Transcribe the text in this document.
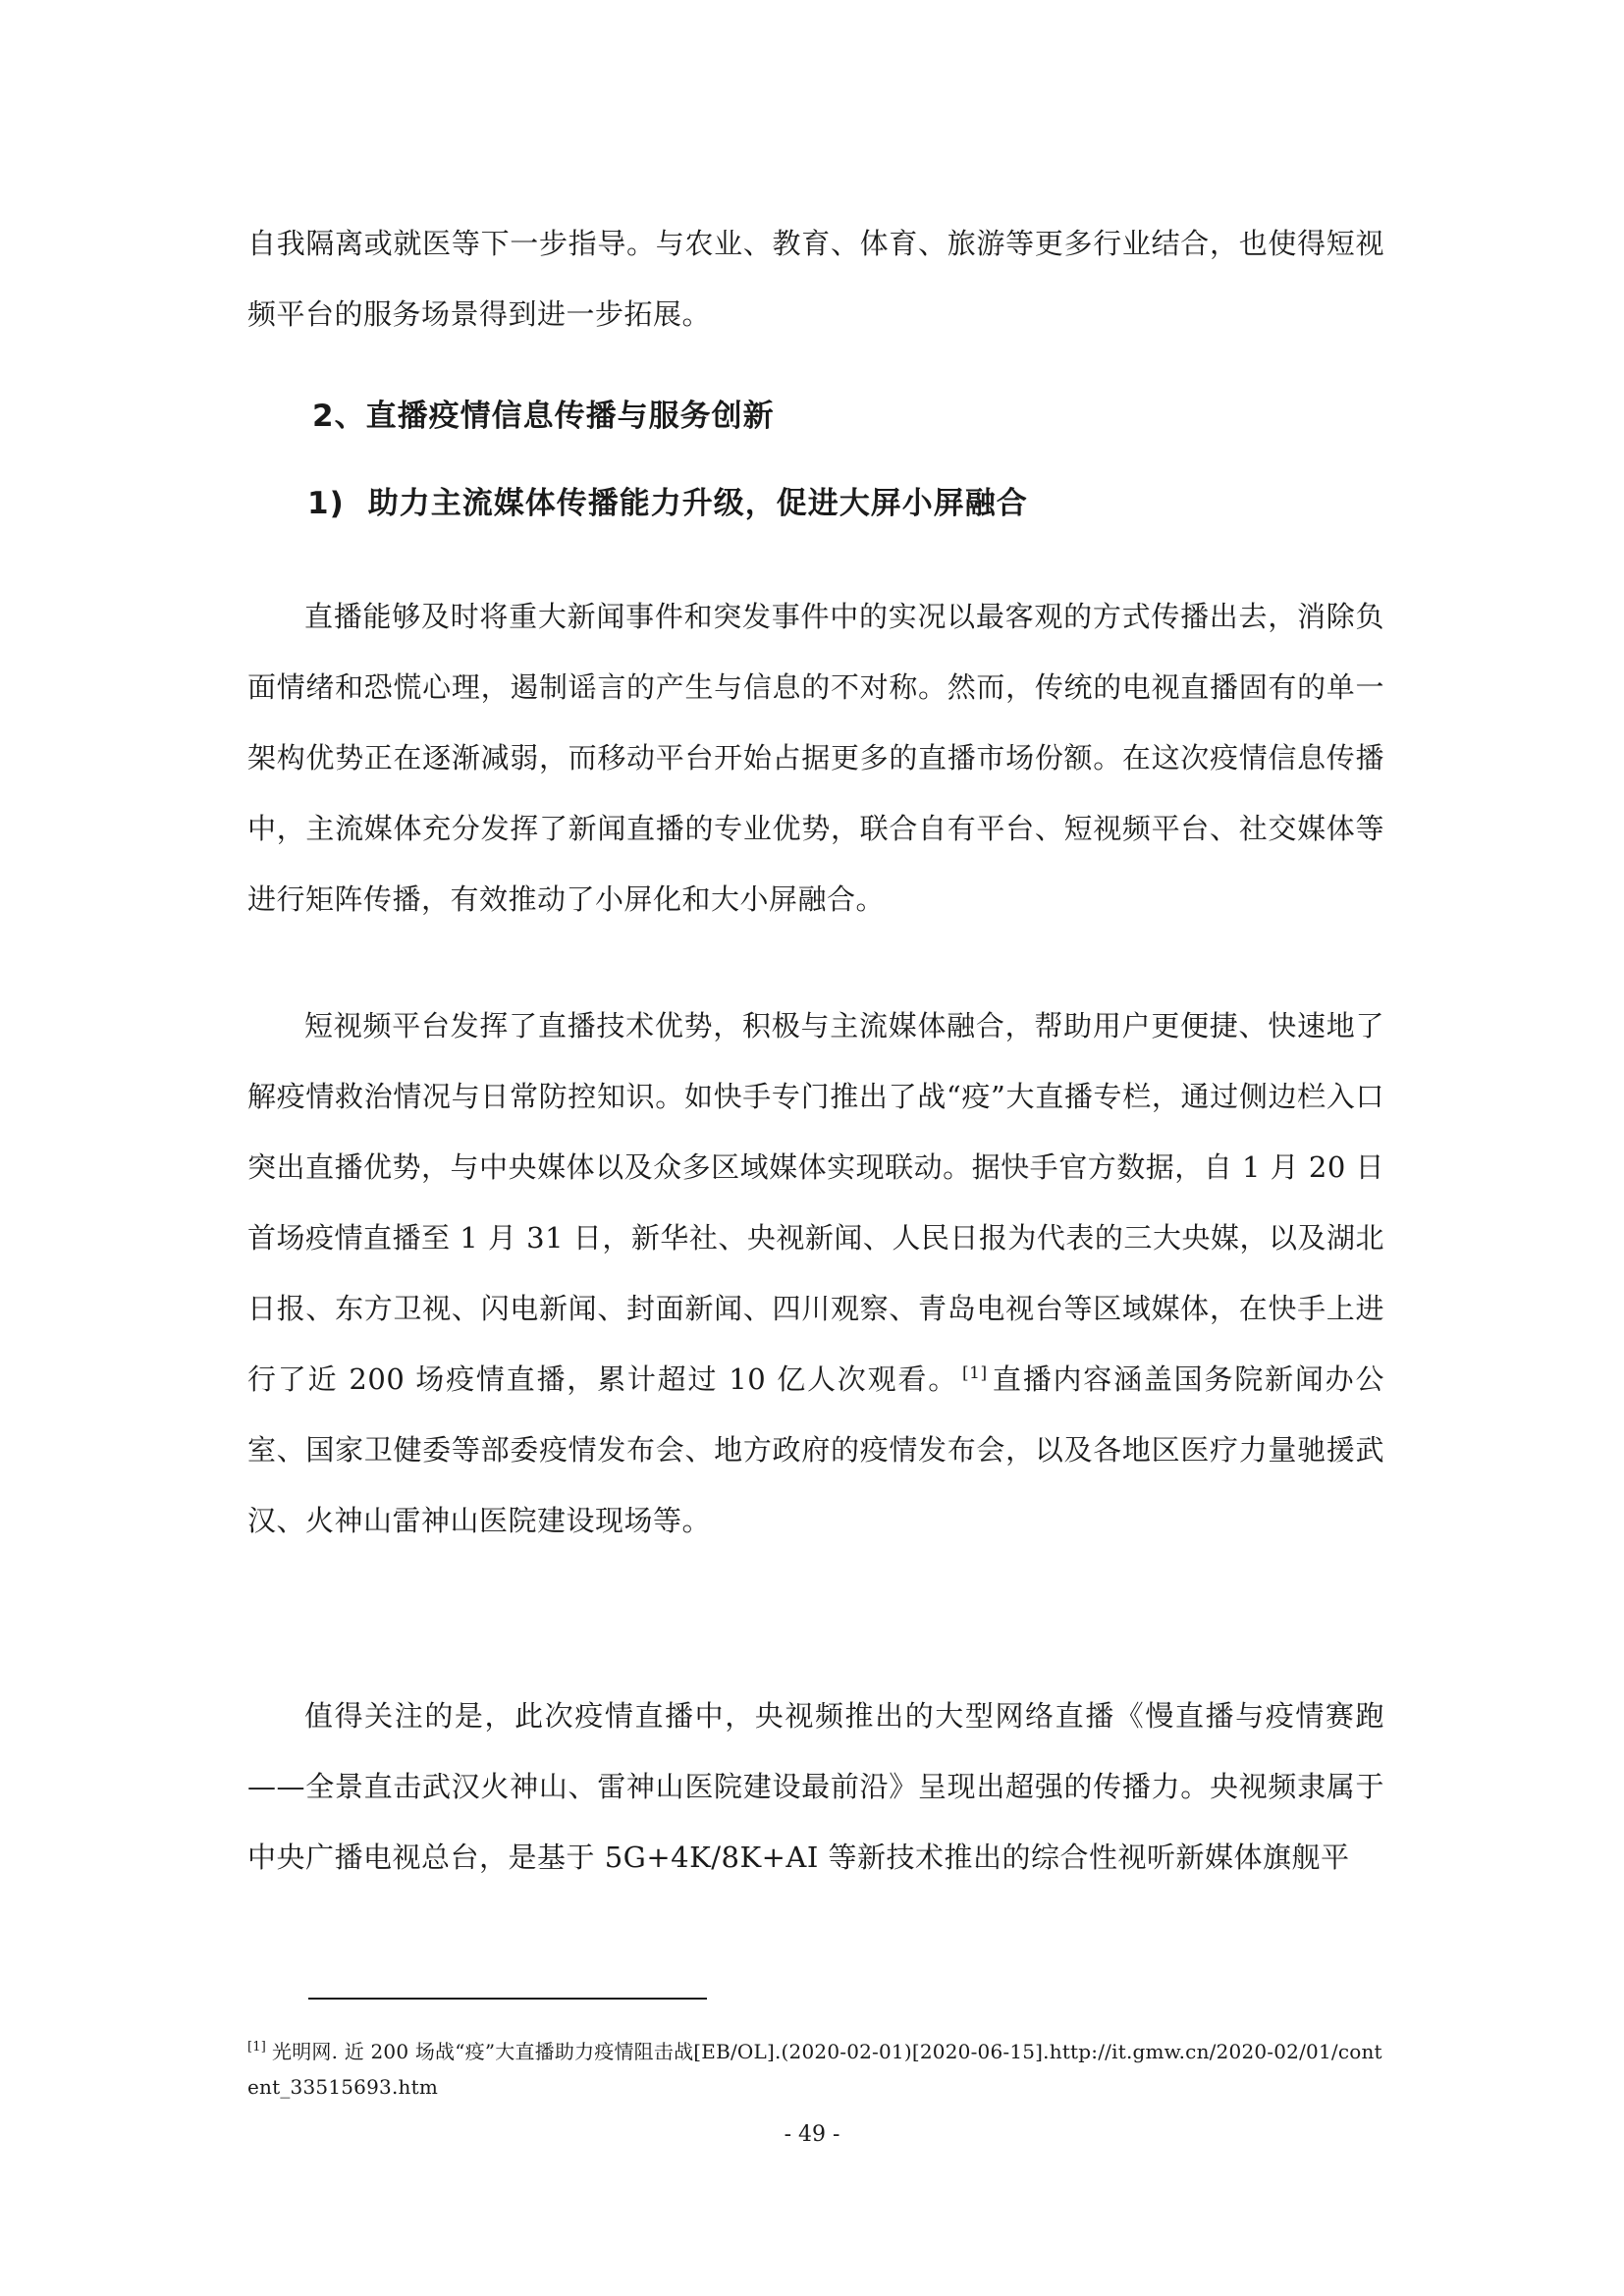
自我隔离或就医等下一步指导。与农业、教育、体育、旅游等更多行业结合，也使得短视频平台的服务场景得到进一步拓展。

2、直播疫情信息传播与服务创新
1) 助力主流媒体传播能力升级，促进大屏小屏融合

直播能够及时将重大新闻事件和突发事件中的实况以最客观的方式传播出去，消除负面情绪和恐慌心理，遏制谣言的产生与信息的不对称。然而，传统的电视直播固有的单一架构优势正在逐渐减弱，而移动平台开始占据更多的直播市场份额。在这次疫情信息传播中，主流媒体充分发挥了新闻直播的专业优势，联合自有平台、短视频平台、社交媒体等进行矩阵传播，有效推动了小屏化和大小屏融合。

短视频平台发挥了直播技术优势，积极与主流媒体融合，帮助用户更便捷、快速地了解疫情救治情况与日常防控知识。如快手专门推出了战“疫”大直播专栏，通过侧边栏入口突出直播优势，与中央媒体以及众多区域媒体实现联动。据快手官方数据，自 1 月 20 日首场疫情直播至 1 月 31 日，新华社、央视新闻、人民日报为代表的三大央媒，以及湖北日报、东方卫视、闪电新闻、封面新闻、四川观察、青岛电视台等区域媒体，在快手上进行了近 200 场疫情直播，累计超过 10 亿人次观看。 [1] 直播内容涵盖国务院新闻办公室、国家卫健委等部委疫情发布会、地方政府的疫情发布会，以及各地区医疗力量驰援武汉、火神山雷神山医院建设现场等。

值得关注的是，此次疫情直播中，央视频推出的大型网络直播《慢直播与疫情赛跑——全景直击武汉火神山、雷神山医院建设最前沿》呈现出超强的传播力。央视频隶属于中央广播电视总台，是基于 5G+4K/8K+AI 等新技术推出的综合性视听新媒体旗舰平

[1] 光明网. 近 200 场战“疫”大直播助力疫情阻击战[EB/OL].(2020-02-01)[2020-06-15].http://it.gmw.cn/2020-02/01/content_33515693.htm

- 49 -
